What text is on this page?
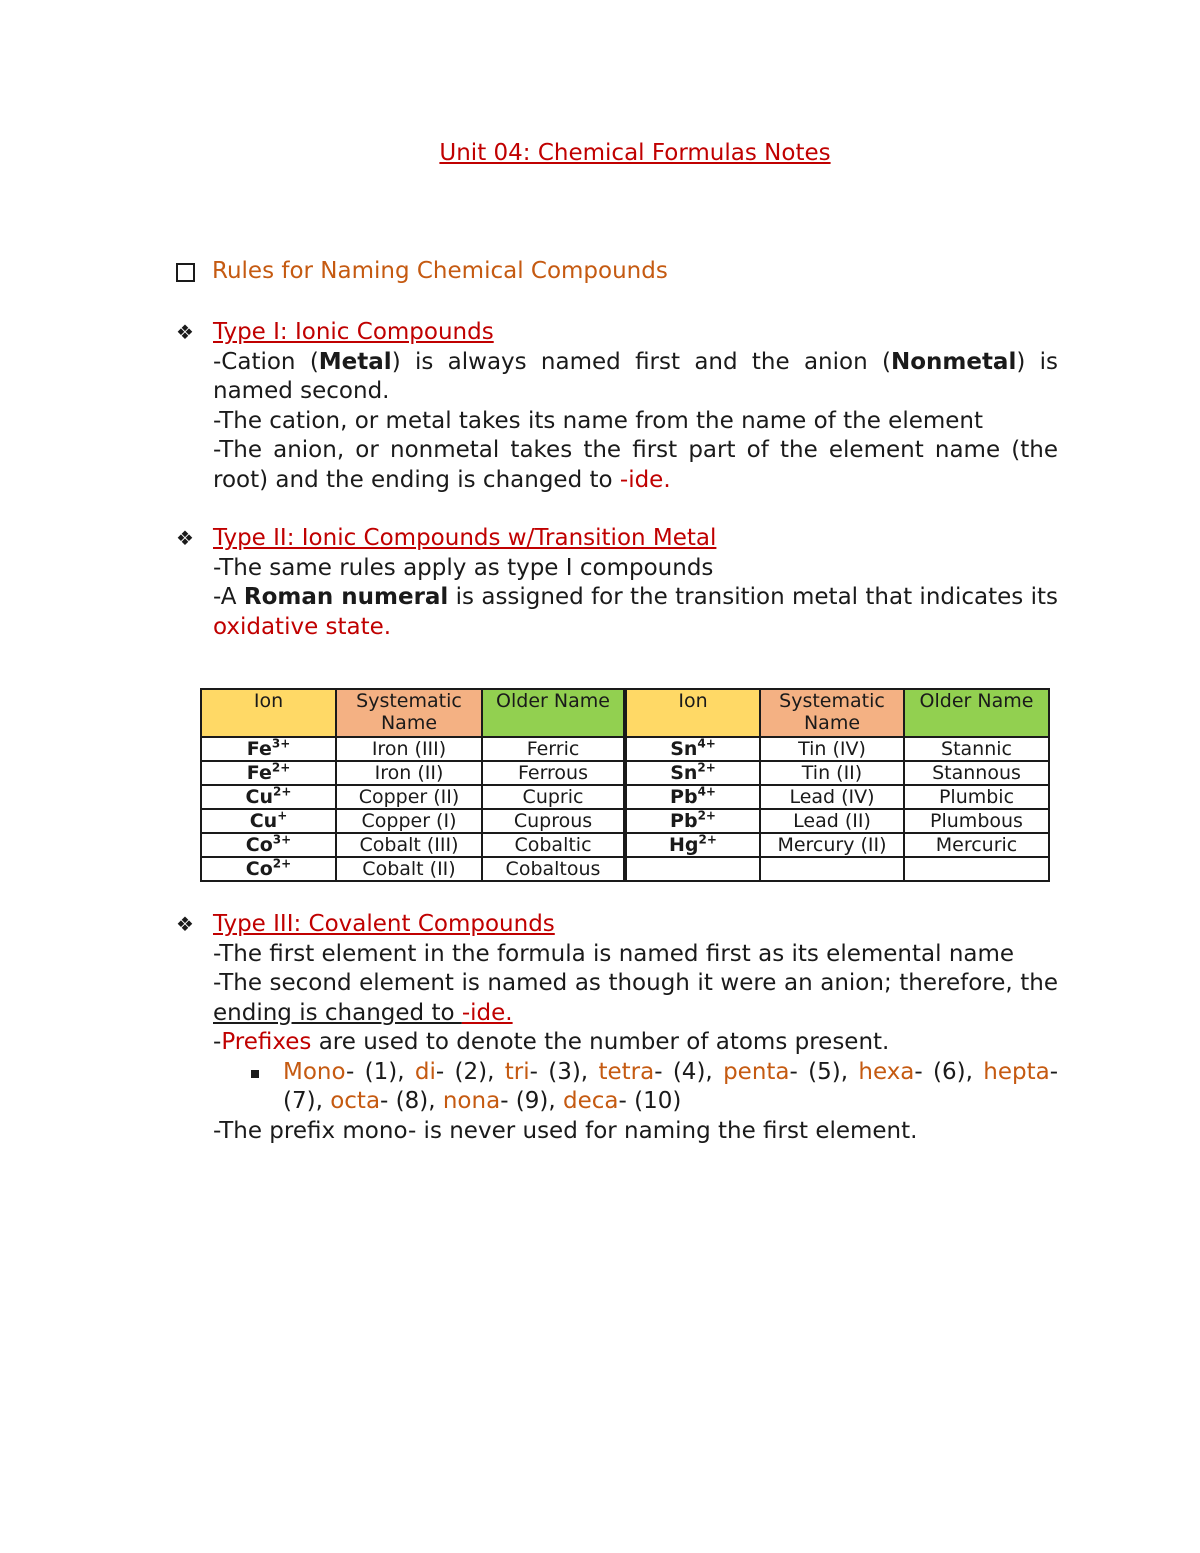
Unit 04: Chemical Formulas Notes
Rules for Naming Chemical Compounds
❖ Type I: Ionic Compounds
-Cation (Metal) is always named first and the anion (Nonmetal) is named second.
-The cation, or metal takes its name from the name of the element
-The anion, or nonmetal takes the first part of the element name (the root) and the ending is changed to -ide.
❖ Type II: Ionic Compounds w/Transition Metal
-The same rules apply as type I compounds
-A Roman numeral is assigned for the transition metal that indicates its oxidative state.
Ion	Systematic Name	Older Name	Ion	Systematic Name	Older Name
$Fe^{3+}$	Iron (III)	Ferric	$Sn^{4+}$	Tin (IV)	Stannic
$Fe^{2+}$	Iron (II)	Ferrous	$Sn^{2+}$	Tin (II)	Stannous
$Cu^{2+}$	Copper (II)	Cupric	$Pb^{4+}$	Lead (IV)	Plumbic
Cu+	Copper (I)	Cuprous	$Pb^{2+}$	Lead (II)	Plumbous
$Co^{3+}$	Cobalt (III)	Cobaltic	$Hg^{2+}$	Mercury (II)	Mercuric
$Co^{2+}$	Cobalt (II)	Cobaltous			
❖ Type III: Covalent Compounds
-The first element in the formula is named first as its elemental name
-The second element is named as though it were an anion; therefore, the ending is changed to -ide.
-Prefixes are used to denote the number of atoms present.
Mono- (1), di- (2), tri- (3), tetra- (4), penta- (5), hexa- (6), hepta- (7), octa- (8), nona- (9), deca- (10)
-The prefix mono- is never used for naming the first element.
